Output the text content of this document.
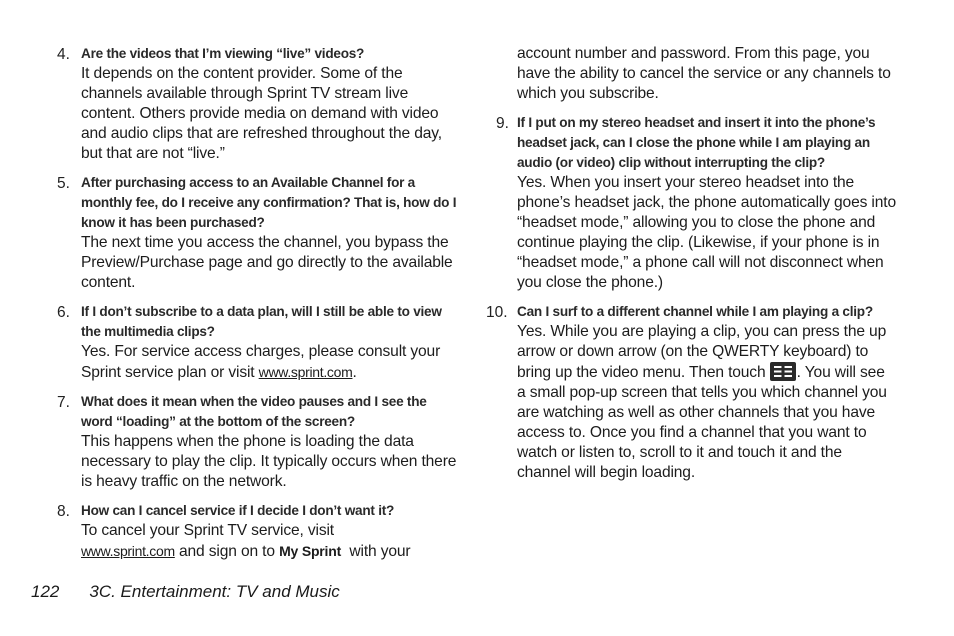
4. Are the videos that I’m viewing “live” videos?
It depends on the content provider. Some of the channels available through Sprint TV stream live content. Others provide media on demand with video and audio clips that are refreshed throughout the day, but that are not “live.”
5. After purchasing access to an Available Channel for a monthly fee, do I receive any confirmation? That is, how do I know it has been purchased?
The next time you access the channel, you bypass the Preview/Purchase page and go directly to the available content.
6. If I don’t subscribe to a data plan, will I still be able to view the multimedia clips?
Yes. For service access charges, please consult your Sprint service plan or visit www.sprint.com.
7. What does it mean when the video pauses and I see the word “loading” at the bottom of the screen?
This happens when the phone is loading the data necessary to play the clip. It typically occurs when there is heavy traffic on the network.
8. How can I cancel service if I decide I don’t want it?
To cancel your Sprint TV service, visit
www.sprint.com and sign on to My Sprint  with your
account number and password. From this page, you have the ability to cancel the service or any channels to which you subscribe.
9. If I put on my stereo headset and insert it into the phone’s headset jack, can I close the phone while I am playing an audio (or video) clip without interrupting the clip?
Yes. When you insert your stereo headset into the phone’s headset jack, the phone automatically goes into “headset mode,” allowing you to close the phone and continue playing the clip. (Likewise, if your phone is in “headset mode,” a phone call will not disconnect when you close the phone.)
10. Can I surf to a different channel while I am playing a clip?
Yes. While you are playing a clip, you can press the up arrow or down arrow (on the QWERTY keyboard) to bring up the video menu. Then touch
. You will see a small pop-up screen that tells you which channel you are watching as well as other channels that you have access to. Once you find a channel that you want to watch or listen to, scroll to it and touch it and the channel will begin loading.
122 3C. Entertainment: TV and Music
